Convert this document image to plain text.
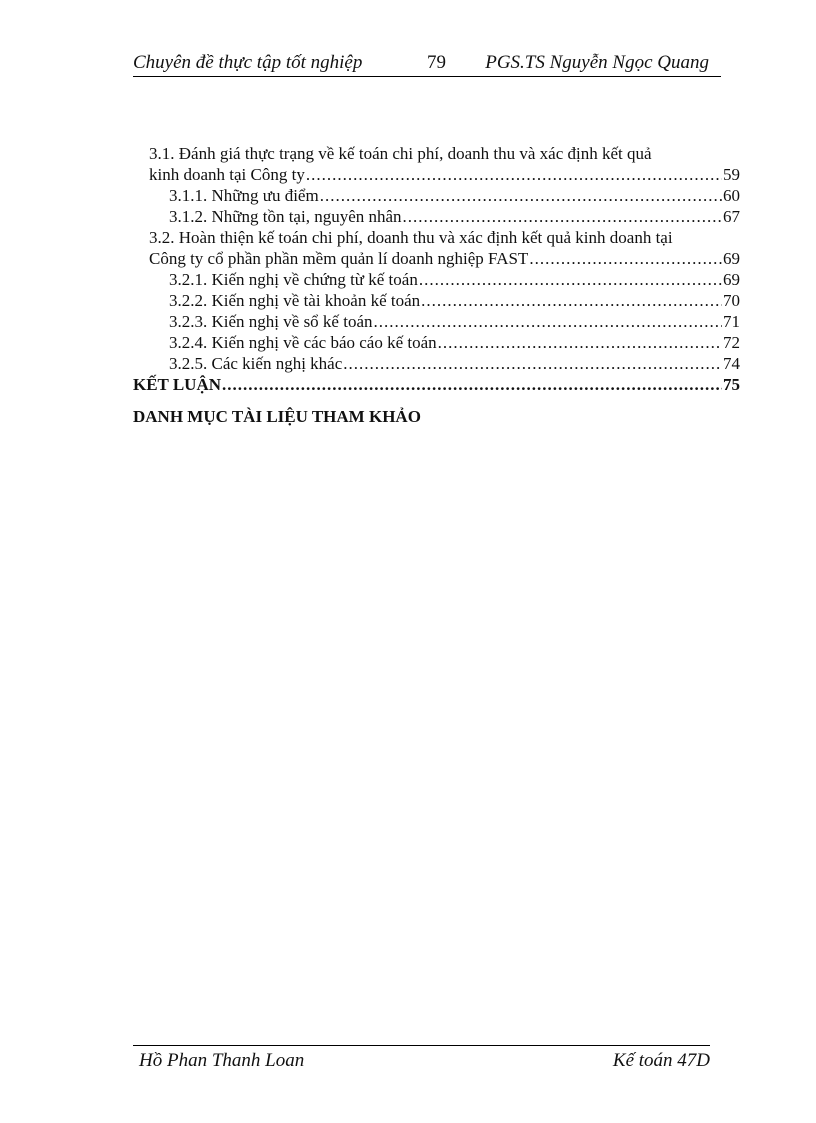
Chuyên đề thực tập tốt nghiệp	79 PGS.TS Nguyễn Ngọc Quang
3.1. Đánh giá thực trạng về kế toán chi phí, doanh thu và xác định kết quả
kinh doanh tại Công ty .....	59
3.1.1. Những ưu điểm .....	60
3.1.2. Những tồn tại, nguyên nhân .....	67
3.2. Hoàn thiện kế toán chi phí, doanh thu và xác định kết quả kinh doanh tại
Công ty cổ phần phần mềm quản lí doanh nghiệp FAST .....	69
3.2.1. Kiến nghị về chứng từ kế toán .....	69
3.2.2. Kiến nghị về tài khoản kế toán .....	70
3.2.3. Kiến nghị về sổ kế toán .....	71
3.2.4. Kiến nghị về các báo cáo kế toán .....	72
3.2.5. Các kiến nghị khác .....	74
KẾT LUẬN .....	75
DANH MỤC TÀI LIỆU THAM KHẢO
Hồ Phan Thanh Loan	Kế toán 47D
